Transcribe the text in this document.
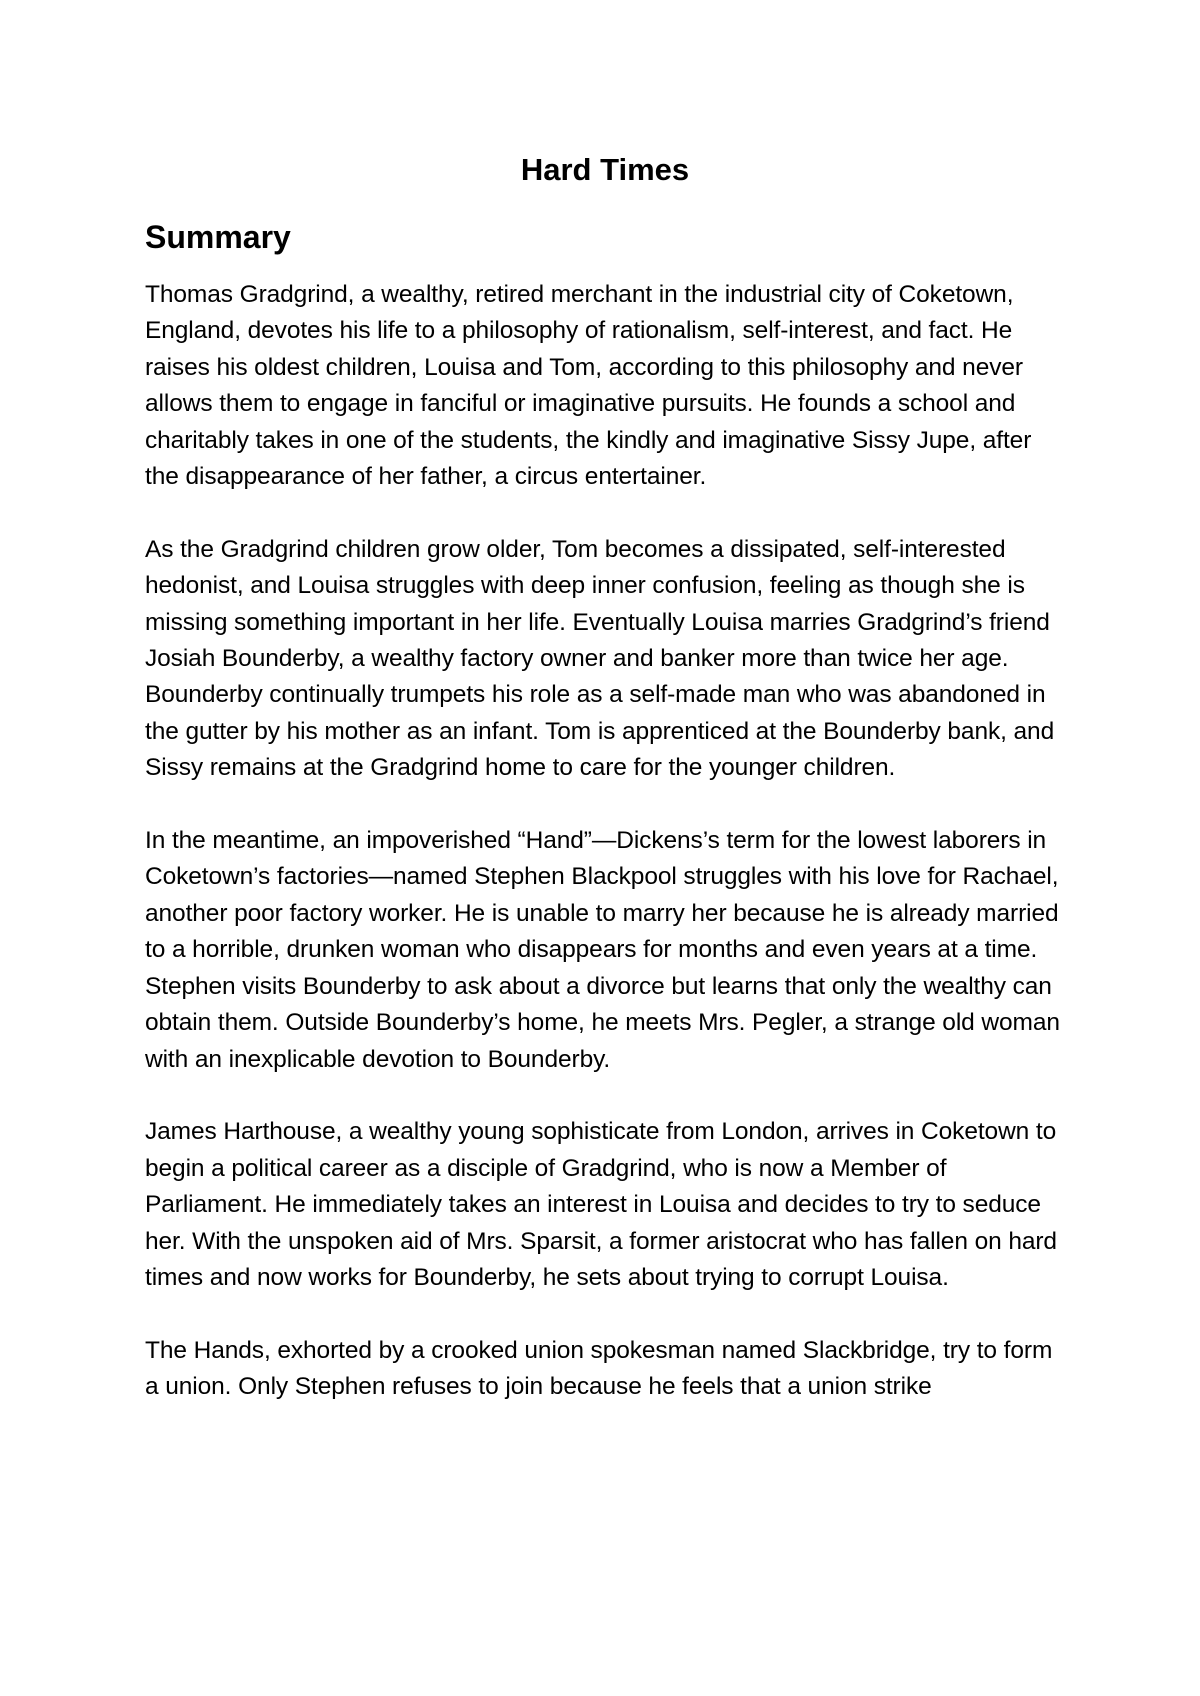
Hard Times
Summary

Thomas Gradgrind, a wealthy, retired merchant in the industrial city of Coketown, England, devotes his life to a philosophy of rationalism, self-interest, and fact. He raises his oldest children, Louisa and Tom, according to this philosophy and never allows them to engage in fanciful or imaginative pursuits. He founds a school and charitably takes in one of the students, the kindly and imaginative Sissy Jupe, after the disappearance of her father, a circus entertainer.

As the Gradgrind children grow older, Tom becomes a dissipated, self-interested hedonist, and Louisa struggles with deep inner confusion, feeling as though she is missing something important in her life. Eventually Louisa marries Gradgrind’s friend Josiah Bounderby, a wealthy factory owner and banker more than twice her age. Bounderby continually trumpets his role as a self-made man who was abandoned in the gutter by his mother as an infant. Tom is apprenticed at the Bounderby bank, and Sissy remains at the Gradgrind home to care for the younger children.

In the meantime, an impoverished “Hand”—Dickens’s term for the lowest laborers in Coketown’s factories—named Stephen Blackpool struggles with his love for Rachael, another poor factory worker. He is unable to marry her because he is already married to a horrible, drunken woman who disappears for months and even years at a time. Stephen visits Bounderby to ask about a divorce but learns that only the wealthy can obtain them. Outside Bounderby’s home, he meets Mrs. Pegler, a strange old woman with an inexplicable devotion to Bounderby.

James Harthouse, a wealthy young sophisticate from London, arrives in Coketown to begin a political career as a disciple of Gradgrind, who is now a Member of Parliament. He immediately takes an interest in Louisa and decides to try to seduce her. With the unspoken aid of Mrs. Sparsit, a former aristocrat who has fallen on hard times and now works for Bounderby, he sets about trying to corrupt Louisa.

The Hands, exhorted by a crooked union spokesman named Slackbridge, try to form a union. Only Stephen refuses to join because he feels that a union strike
